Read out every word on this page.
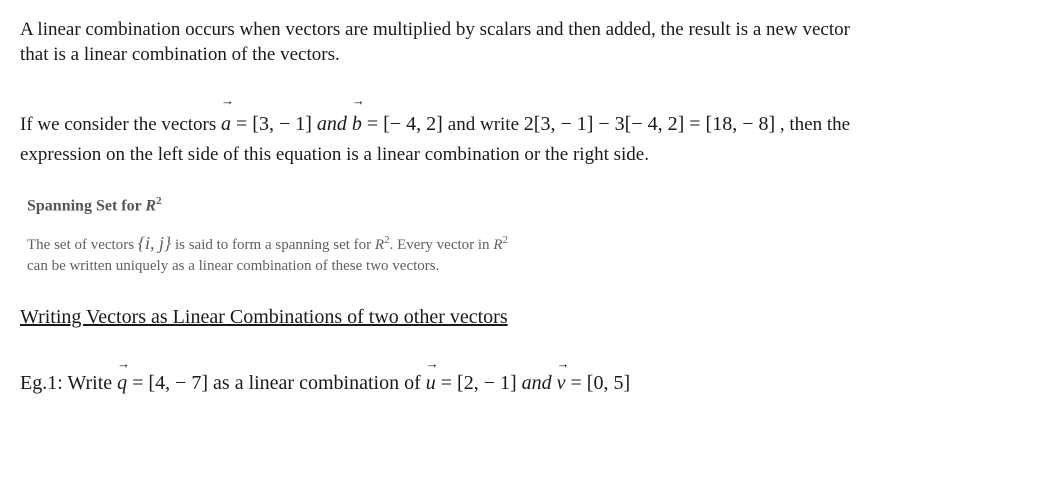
A linear combination occurs when vectors are multiplied by scalars and then added, the result is a new vector
that is a linear combination of the vectors.
If we consider the vectors
→
a = [3, − 1] and
→
b = [− 4, 2] and write 2[3, − 1] − 3[− 4, 2] = [18, − 8] , then the
expression on the left side of this equation is a linear combination or the right side.
Spanning Set for $R^2$
The set of vectors {i, j} is said to form a spanning set for $R^2$. Every vector in $R^2$
can be written uniquely as a linear combination of these two vectors.
Writing Vectors as Linear Combinations of two other vectors
Eg.1: Write
→
q = [4, − 7] as a linear combination of
→
u = [2, − 1] and
→
v = [0, 5]
